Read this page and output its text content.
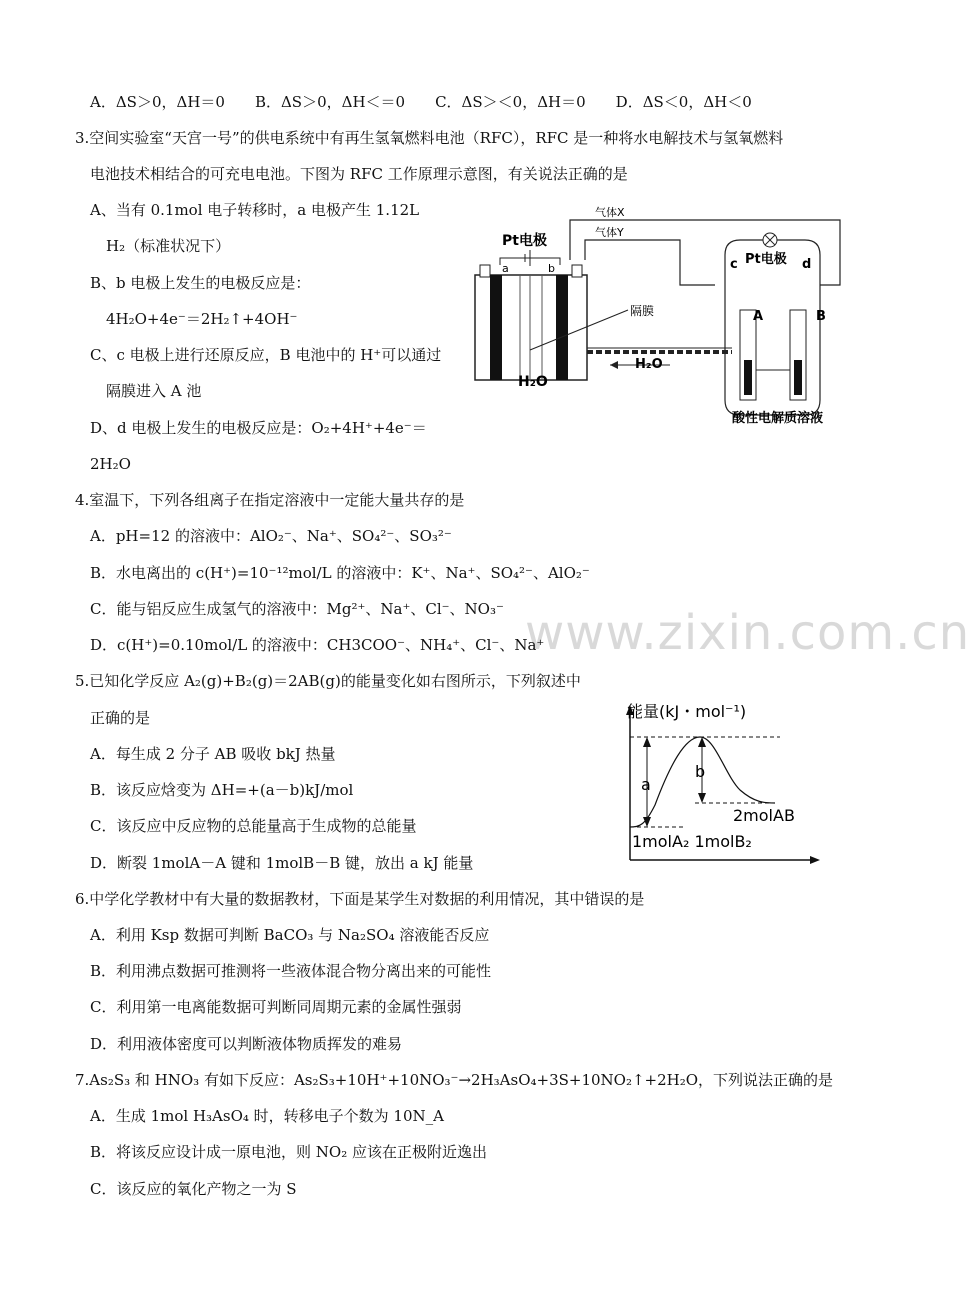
www.zixin.com.cn
A．ΔS＞0，ΔH＝0　　B．ΔS＞0，ΔH＜＝0　　C．ΔS＞＜0，ΔH＝0　　D．ΔS＜0，ΔH＜0
3.空间实验室“天宫一号”的供电系统中有再生氢氧燃料电池（RFC），RFC 是一种将水电解技术与氢氧燃料
电池技术相结合的可充电电池。下图为 RFC 工作原理示意图，有关说法正确的是
A、当有 0.1mol 电子转移时，a 电极产生 1.12L
H₂（标准状况下）
B、b 电极上发生的电极反应是：
4H₂O+4e⁻＝2H₂↑+4OH⁻
C、c 电极上进行还原反应，B 电池中的 H⁺可以通过
隔膜进入 A 池
D、d 电极上发生的电极反应是：O₂+4H⁺+4e⁻＝
2H₂O
气体X
气体Y
Pt电极
a	b
H₂O
隔膜
H₂O
Pt电极
c	d
A	B
酸性电解质溶液
4.室温下，下列各组离子在指定溶液中一定能大量共存的是
A．pH=12 的溶液中：AlO₂⁻、Na⁺、SO₄²⁻、SO₃²⁻
B．水电离出的 c(H⁺)=10⁻¹²mol/L 的溶液中：K⁺、Na⁺、SO₄²⁻、AlO₂⁻
C．能与铝反应生成氢气的溶液中：Mg²⁺、Na⁺、Cl⁻、NO₃⁻
D．c(H⁺)=0.10mol/L 的溶液中：CH3COO⁻、NH₄⁺、Cl⁻、Na⁺
5.已知化学反应 A₂(g)+B₂(g)＝2AB(g)的能量变化如右图所示，下列叙述中
正确的是
A．每生成 2 分子 AB 吸收 bkJ 热量
B．该反应焓变为 ΔH=+(a－b)kJ/mol
C．该反应中反应物的总能量高于生成物的总能量
D．断裂 1molA－A 键和 1molB－B 键，放出 a kJ 能量
能量(kJ・mol⁻¹)
a
b
2molAB
1molA₂ 1molB₂
6.中学化学教材中有大量的数据教材，下面是某学生对数据的利用情况，其中错误的是
A．利用 Ksp 数据可判断 BaCO₃ 与 Na₂SO₄ 溶液能否反应
B．利用沸点数据可推测将一些液体混合物分离出来的可能性
C．利用第一电离能数据可判断同周期元素的金属性强弱
D．利用液体密度可以判断液体物质挥发的难易
7.As₂S₃ 和 HNO₃ 有如下反应：As₂S₃+10H⁺+10NO₃⁻→2H₃AsO₄+3S+10NO₂↑+2H₂O，下列说法正确的是
A．生成 1mol H₃AsO₄ 时，转移电子个数为 10N_A
B．将该反应设计成一原电池，则 NO₂ 应该在正极附近逸出
C．该反应的氧化产物之一为 S
